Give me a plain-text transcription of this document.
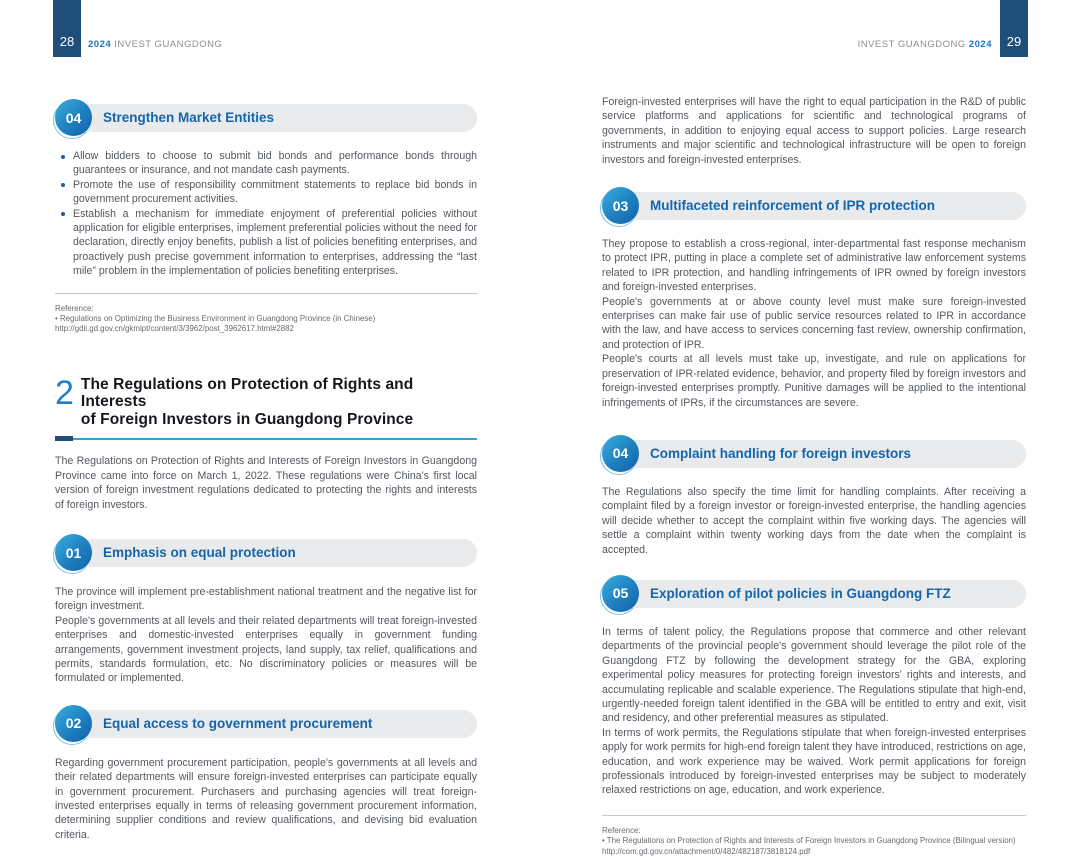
28	2024 INVEST GUANGDONG	INVEST GUANGDONG 2024	29
04	Strengthen Market Entities
Allow bidders to choose to submit bid bonds and performance bonds through guarantees or insurance, and not mandate cash payments.
Promote the use of responsibility commitment statements to replace bid bonds in government procurement activities.
Establish a mechanism for immediate enjoyment of preferential policies without application for eligible enterprises, implement preferential policies without the need for declaration, directly enjoy benefits, publish a list of policies benefiting enterprises, and proactively push precise government information to enterprises, addressing the “last mile” problem in the implementation of policies benefiting enterprises.
Reference:
• Regulations on Optimizing the Business Environment in Guangdong Province (in Chinese)
http://gdii.gd.gov.cn/gkmlpt/content/3/3962/post_3962617.html#2882
2 The Regulations on Protection of Rights and Interests
of Foreign Investors in Guangdong Province

The Regulations on Protection of Rights and Interests of Foreign Investors in Guangdong Province came into force on March 1, 2022. These regulations were China's first local version of foreign investment regulations dedicated to protecting the rights and interests of foreign investors.

01	Emphasis on equal protection

The province will implement pre-establishment national treatment and the negative list for foreign investment.

People's governments at all levels and their related departments will treat foreign-invested enterprises and domestic-invested enterprises equally in government funding arrangements, government investment projects, land supply, tax relief, qualifications and permits, standards formulation, etc. No discriminatory policies or measures will be formulated or implemented.

02	Equal access to government procurement

Regarding government procurement participation, people's governments at all levels and their related departments will ensure foreign-invested enterprises can participate equally in government procurement. Purchasers and purchasing agencies will treat foreign-invested enterprises equally in terms of releasing government procurement information, determining supplier conditions and review qualifications, and devising bid evaluation criteria.

Foreign-invested enterprises will have the right to equal participation in the R&D of public service platforms and applications for scientific and technological programs of governments, in addition to enjoying equal access to support policies. Large research instruments and major scientific and technological infrastructure will be open to foreign investors and foreign-invested enterprises.

03	Multifaceted reinforcement of IPR protection

They propose to establish a cross-regional, inter-departmental fast response mechanism to protect IPR, putting in place a complete set of administrative law enforcement systems related to IPR protection, and handling infringements of IPR owned by foreign investors and foreign-invested enterprises.

People's governments at or above county level must make sure foreign-invested enterprises can make fair use of public service resources related to IPR in accordance with the law, and have access to services concerning fast review, ownership confirmation, and protection of IPR.

People's courts at all levels must take up, investigate, and rule on applications for preservation of IPR-related evidence, behavior, and property filed by foreign investors and foreign-invested enterprises promptly. Punitive damages will be applied to the intentional infringements of IPRs, if the circumstances are severe.

04	Complaint handling for foreign investors

The Regulations also specify the time limit for handling complaints. After receiving a complaint filed by a foreign investor or foreign-invested enterprise, the handling agencies will decide whether to accept the complaint within five working days. The agencies will settle a complaint within twenty working days from the date when the complaint is accepted.

05	Exploration of pilot policies in Guangdong FTZ

In terms of talent policy, the Regulations propose that commerce and other relevant departments of the provincial people's government should leverage the pilot role of the Guangdong FTZ by following the development strategy for the GBA, exploring experimental policy measures for protecting foreign investors' rights and interests, and accumulating replicable and scalable experience. The Regulations stipulate that high-end, urgently-needed foreign talent identified in the GBA will be entitled to entry and exit, visit and residency, and other preferential measures as stipulated.

In terms of work permits, the Regulations stipulate that when foreign-invested enterprises apply for work permits for high-end foreign talent they have introduced, restrictions on age, education, and work experience may be waived. Work permit applications for foreign professionals introduced by foreign-invested enterprises may be subject to moderately relaxed restrictions on age, education, and work experience.

Reference:
• The Regulations on Protection of Rights and Interests of Foreign Investors in Guangdong Province (Bilingual version)
http://com.gd.gov.cn/attachment/0/482/482187/3818124.pdf
